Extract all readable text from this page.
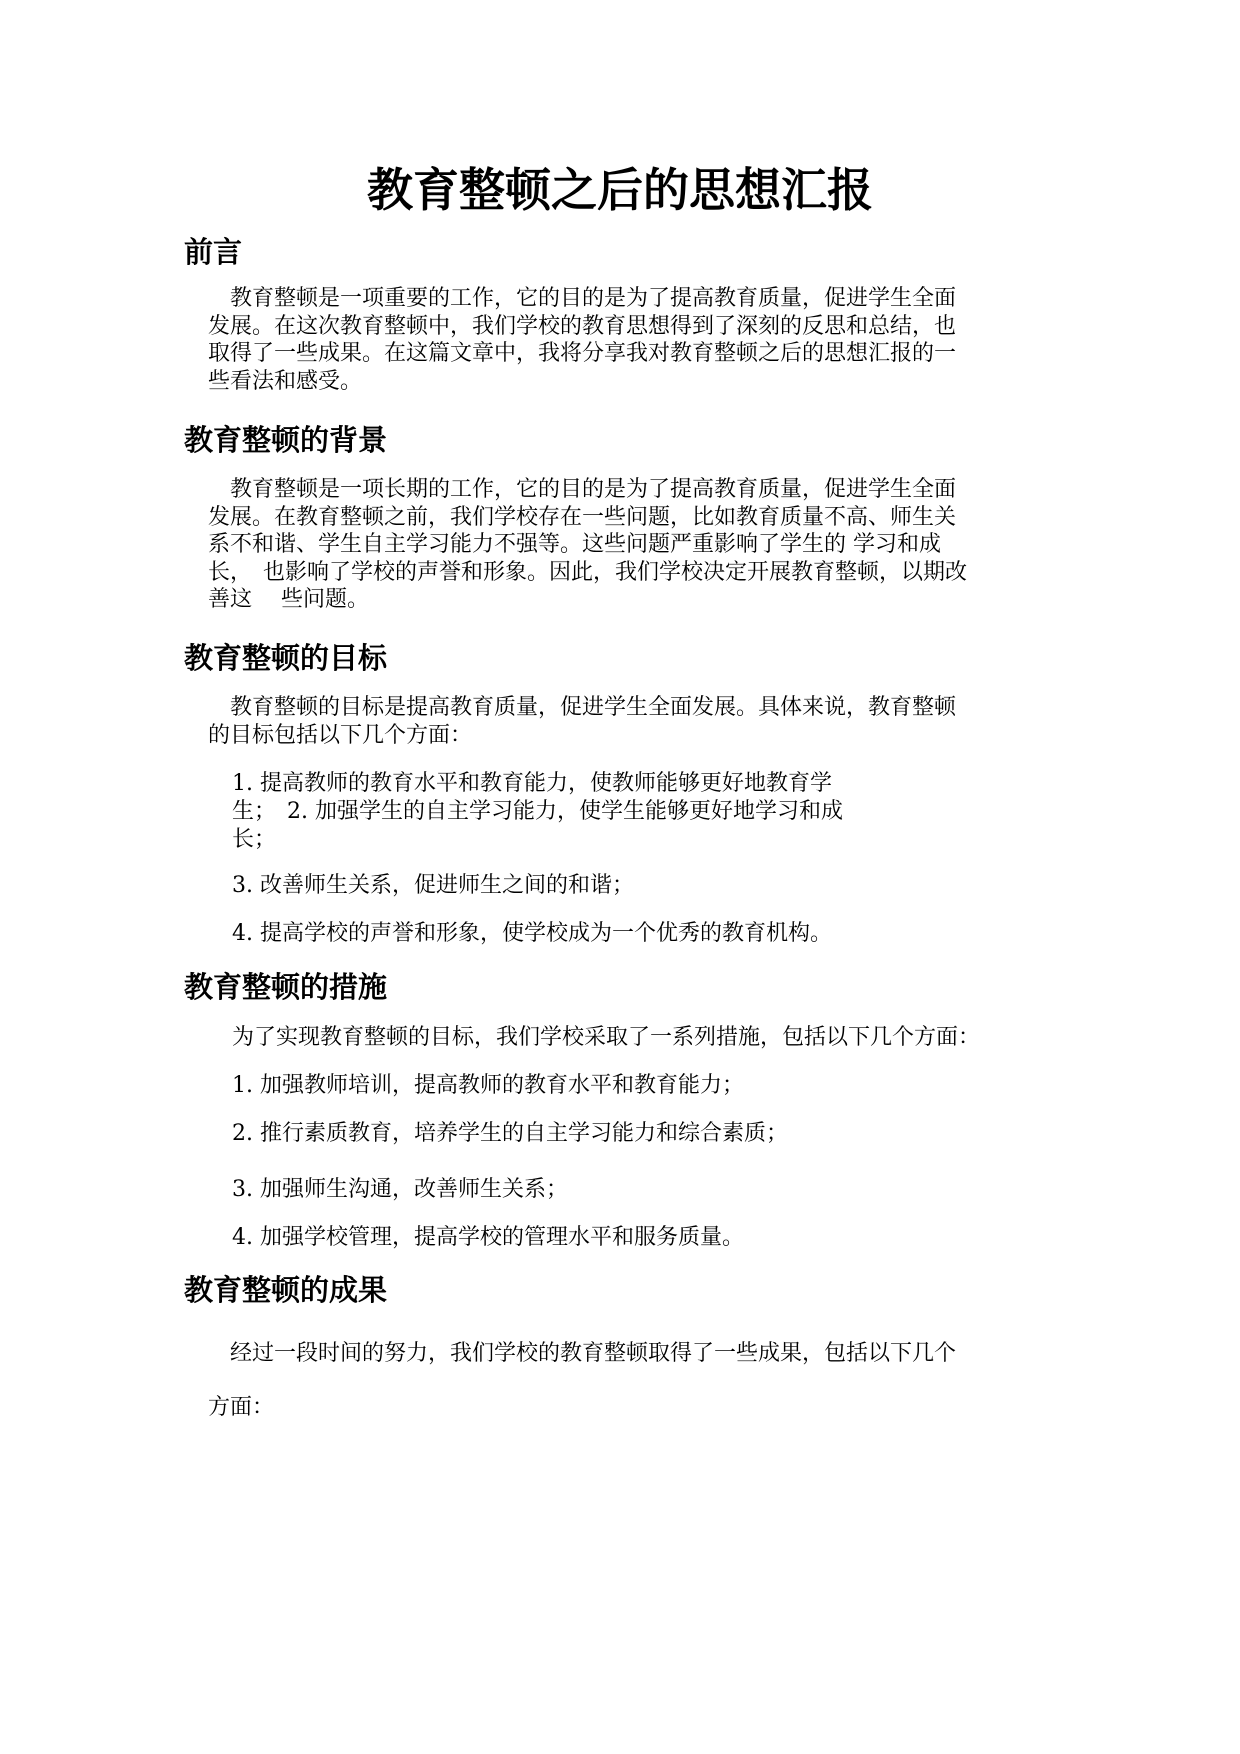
教育整顿之后的思想汇报
前言

　教育整顿是一项重要的工作，它的目的是为了提高教育质量，促进学生全面
发展。在这次教育整顿中，我们学校的教育思想得到了深刻的反思和总结，也
取得了一些成果。在这篇文章中，我将分享我对教育整顿之后的思想汇报的一
些看法和感受。

教育整顿的背景

　教育整顿是一项长期的工作，它的目的是为了提高教育质量，促进学生全面
发展。在教育整顿之前，我们学校存在一些问题，比如教育质量不高、师生关
系不和谐、学生自主学习能力不强等。这些问题严重影响了学生的 学习和成
长，　也影响了学校的声誉和形象。因此，我们学校决定开展教育整顿，以期改
善这　 些问题。

教育整顿的目标

　教育整顿的目标是提高教育质量，促进学生全面发展。具体来说，教育整顿
的目标包括以下几个方面：

1. 提高教师的教育水平和教育能力，使教师能够更好地教育学
生；　2. 加强学生的自主学习能力，使学生能够更好地学习和成
长；

3. 改善师生关系，促进师生之间的和谐；

4. 提高学校的声誉和形象，使学校成为一个优秀的教育机构。

教育整顿的措施

为了实现教育整顿的目标，我们学校采取了一系列措施，包括以下几个方面：

1. 加强教师培训，提高教师的教育水平和教育能力；

2. 推行素质教育，培养学生的自主学习能力和综合素质；

3. 加强师生沟通，改善师生关系；

4. 加强学校管理，提高学校的管理水平和服务质量。

教育整顿的成果

　经过一段时间的努力，我们学校的教育整顿取得了一些成果，包括以下几个
方面：
